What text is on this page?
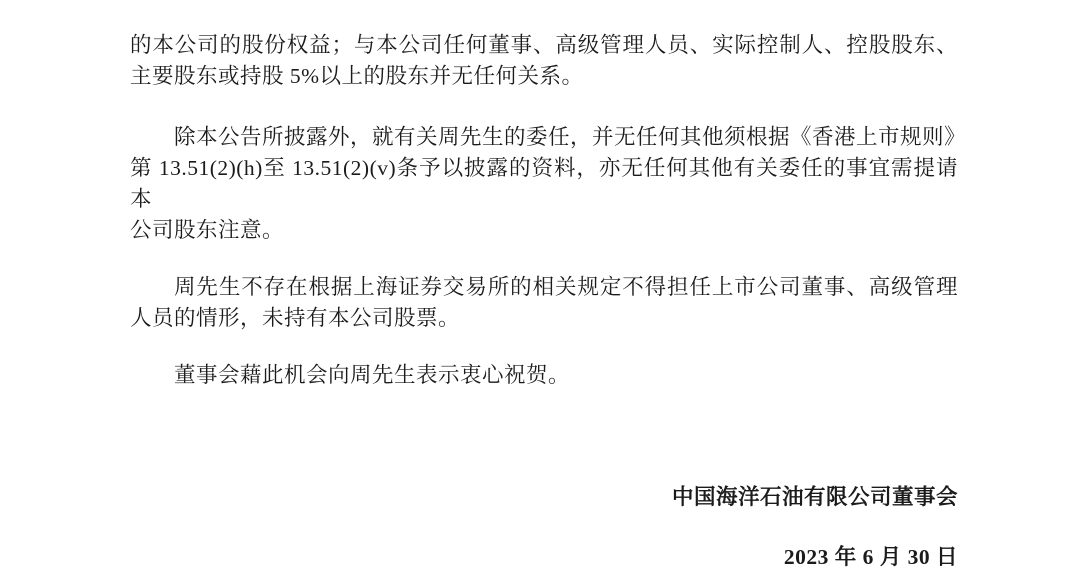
的本公司的股份权益；与本公司任何董事、高级管理人员、实际控制人、控股股东、
主要股东或持股 5%以上的股东并无任何关系。
除本公告所披露外，就有关周先生的委任，并无任何其他须根据《香港上市规则》
第 13.51(2)(h)至 13.51(2)(v)条予以披露的资料，亦无任何其他有关委任的事宜需提请本
公司股东注意。
周先生不存在根据上海证券交易所的相关规定不得担任上市公司董事、高级管理
人员的情形，未持有本公司股票。
董事会藉此机会向周先生表示衷心祝贺。
中国海洋石油有限公司董事会
2023 年 6 月 30 日
